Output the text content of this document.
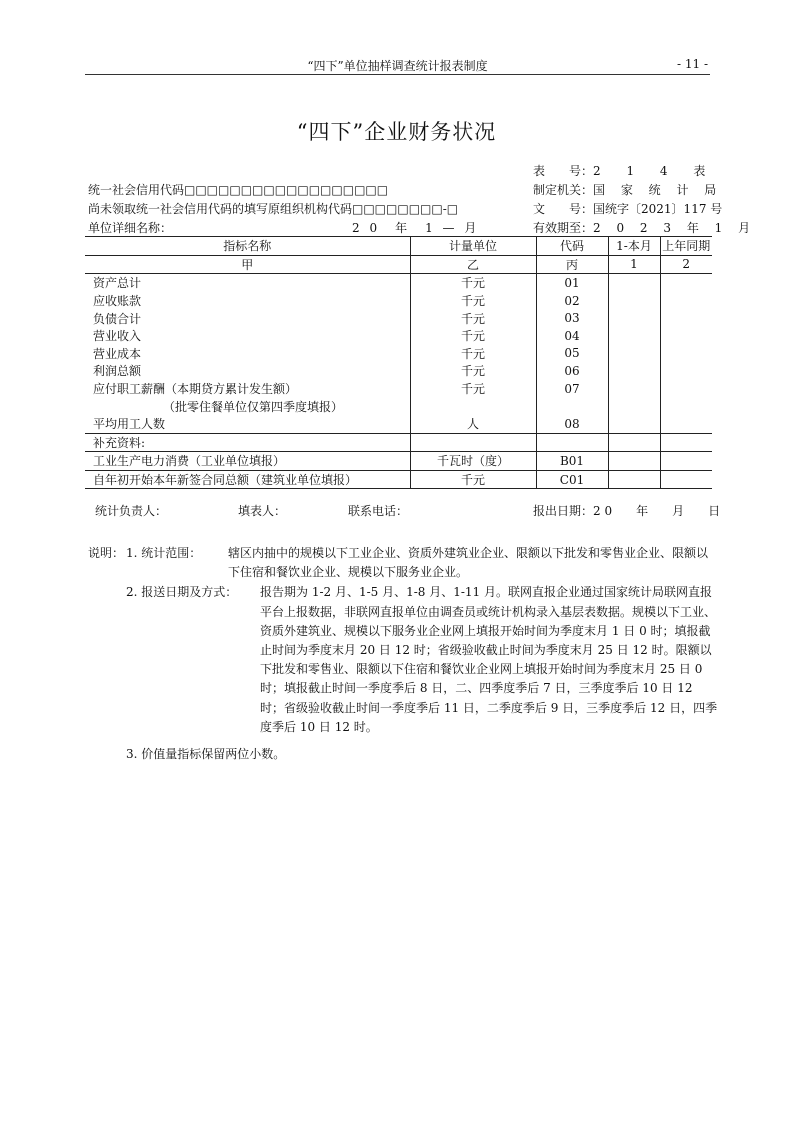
“四下”单位抽样调查统计报表制度	- 11 -
“四下”企业财务状况
表　　号：2 1 4 表
制定机关：国 家 统 计 局
文　　号：国统字〔2021〕117 号
有效期至：2 0 2 3 年 1 月
统一社会信用代码□□□□□□□□□□□□□□□□□□
尚未领取统一社会信用代码的填写原组织机构代码□□□□□□□□-□
单位详细名称：	2 0　年　1 — 月
指标名称	计量单位	代码	1-本月	上年同期
甲	乙	丙	1	2
资产总计	千元	01		
应收账款	千元	02		
负债合计	千元	03		
营业收入	千元	04		
营业成本	千元	05		
利润总额	千元	06		
应付职工薪酬（本期贷方累计发生额）	千元	07		
（批零住餐单位仅第四季度填报）				
平均用工人数	人	08		
补充资料:				
工业生产电力消费（工业单位填报）	千瓦时（度）	B01		
自年初开始本年新签合同总额（建筑业单位填报）	千元	C01		
统计负责人：	填表人：	联系电话：	报出日期：2 0　　年　　月　　日
说明： 1. 统计范围： 辖区内抽中的规模以下工业企业、资质外建筑业企业、限额以下批发和零售业企业、限额以下住宿和餐饮业企业、规模以下服务业企业。
2. 报送日期及方式： 报告期为 1-2 月、1-5 月、1-8 月、1-11 月。联网直报企业通过国家统计局联网直报平台上报数据，非联网直报单位由调查员或统计机构录入基层表数据。规模以下工业、资质外建筑业、规模以下服务业企业网上填报开始时间为季度末月 1 日 0 时；填报截止时间为季度末月 20 日 12 时；省级验收截止时间为季度末月 25 日 12 时。限额以下批发和零售业、限额以下住宿和餐饮业企业网上填报开始时间为季度末月 25 日 0 时；填报截止时间一季度季后 8 日，二、四季度季后 7 日，三季度季后 10 日 12 时；省级验收截止时间一季度季后 11 日，二季度季后 9 日，三季度季后 12 日，四季度季后 10 日 12 时。
3. 价值量指标保留两位小数。
